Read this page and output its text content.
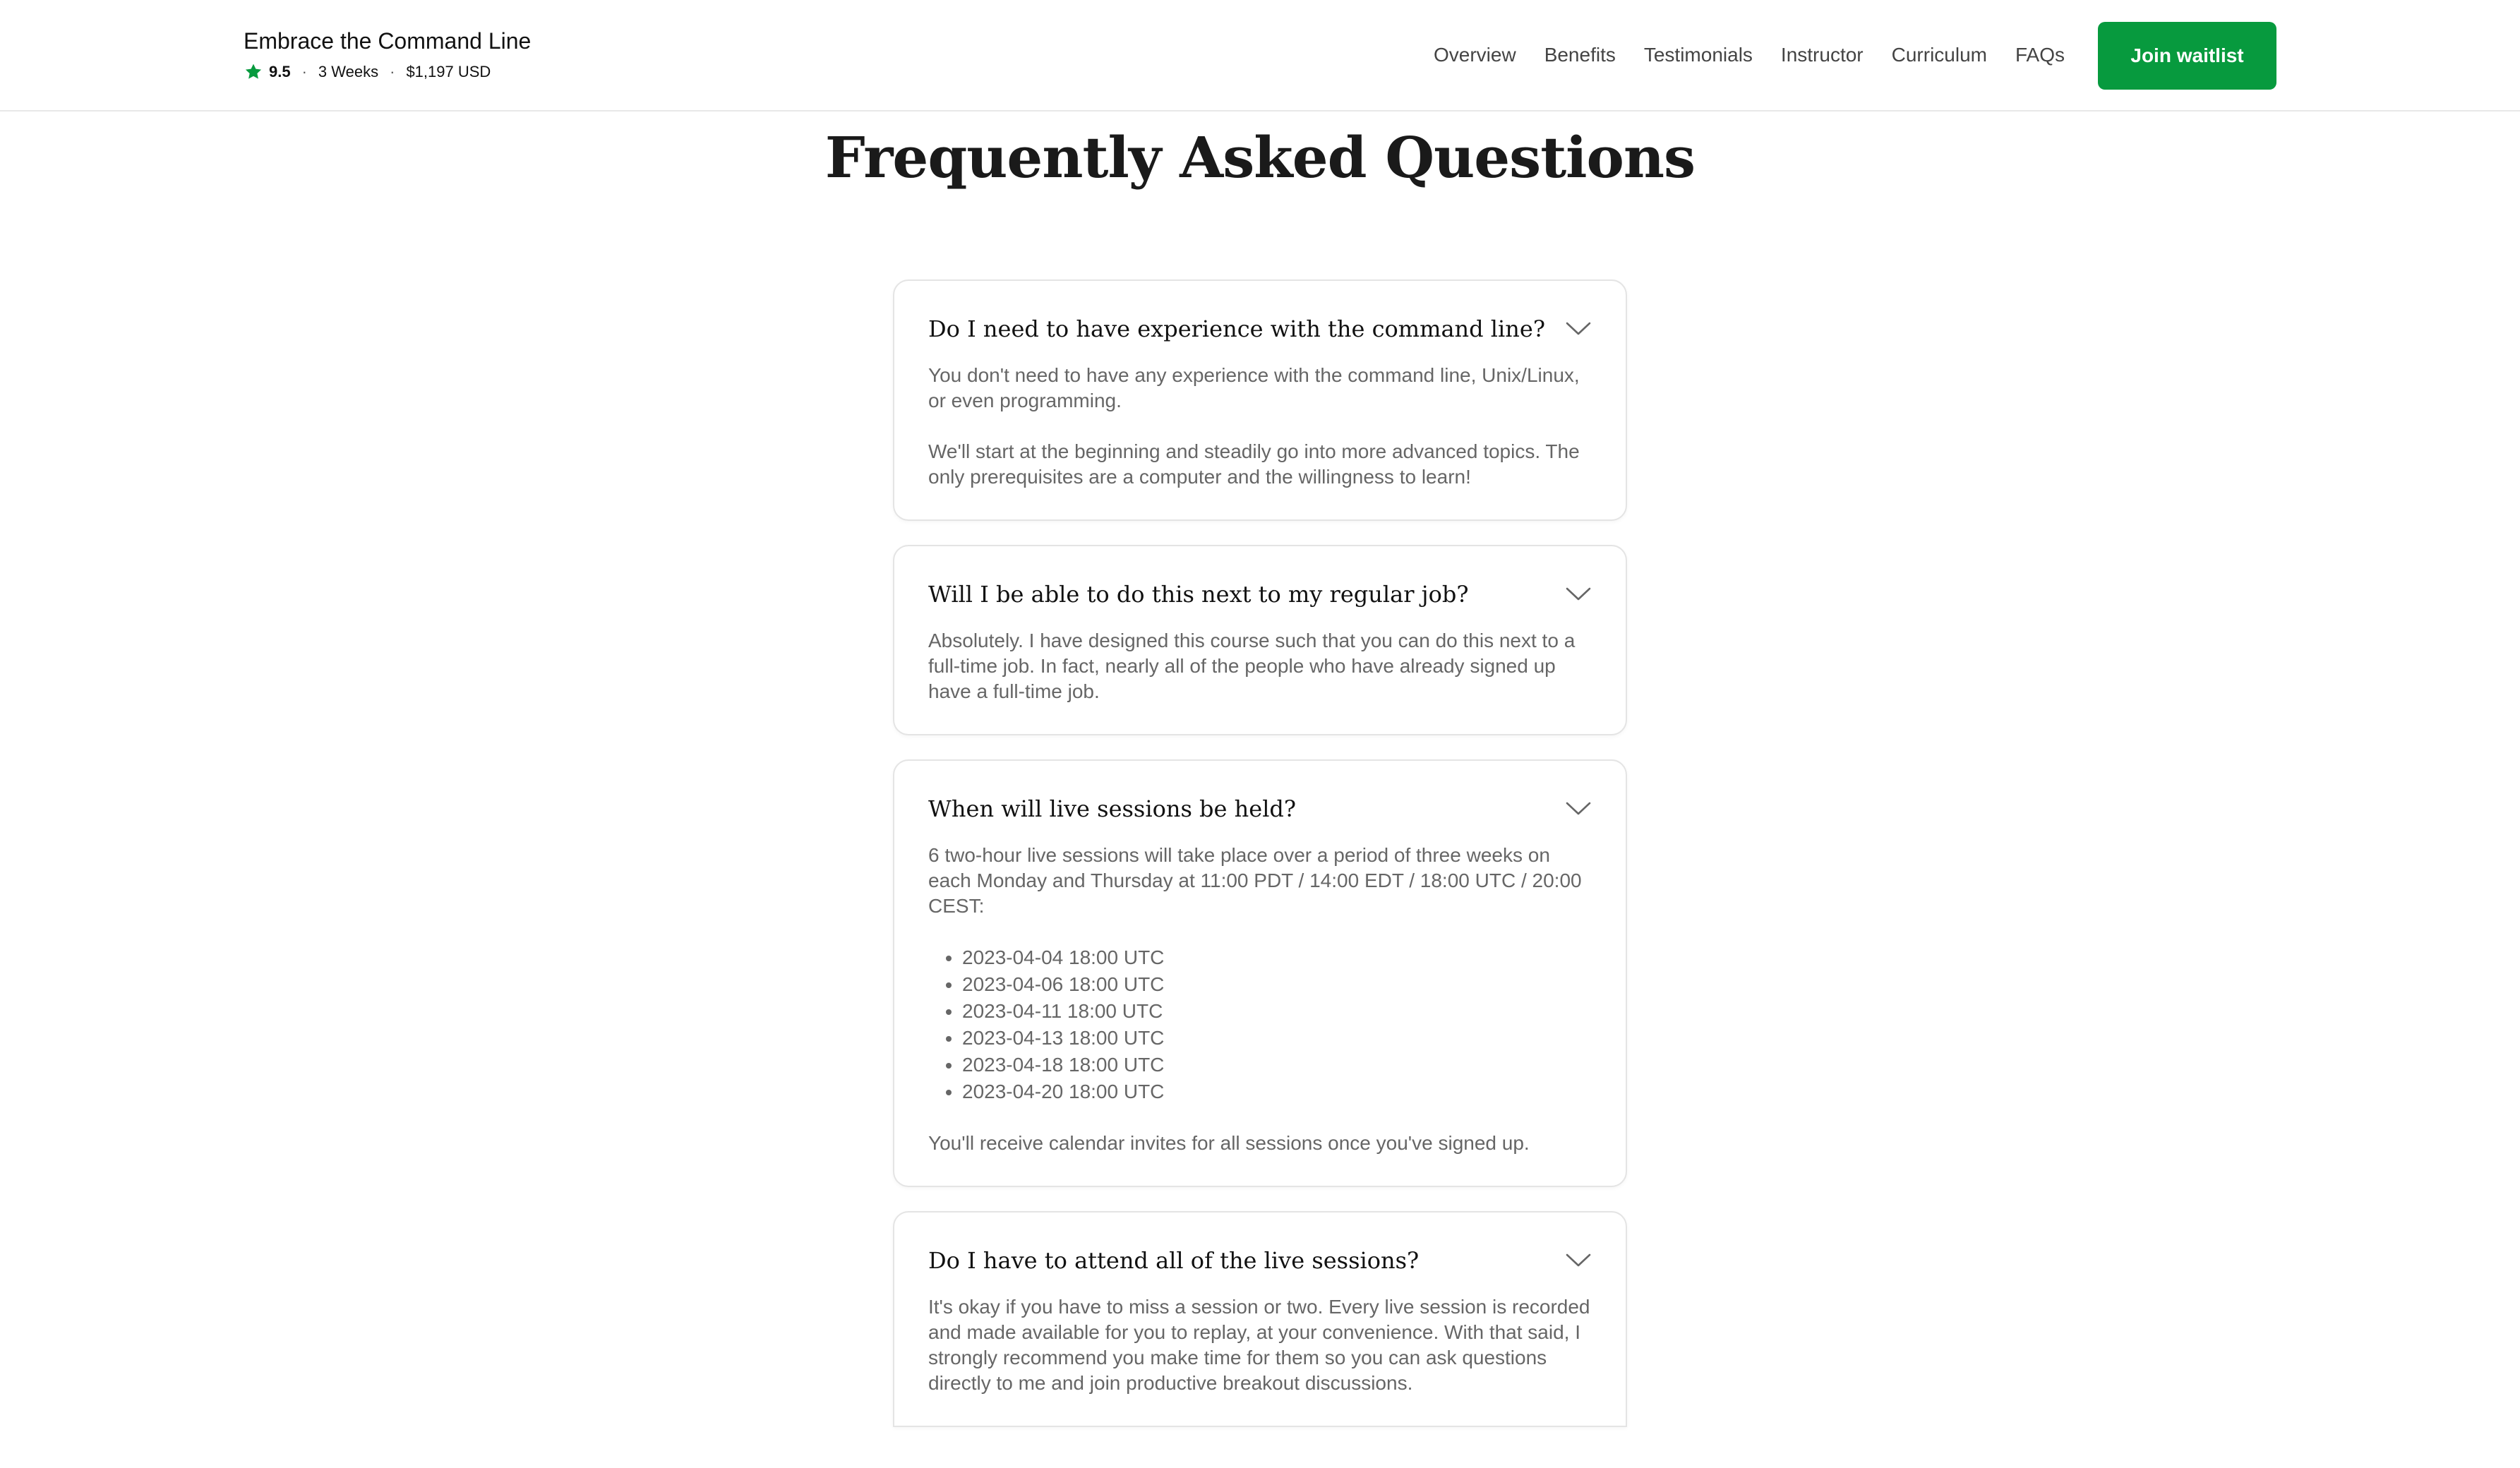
Embrace the Command Line
9.5 · 3 Weeks · $1,197 USD
Overview Benefits Testimonials Instructor Curriculum FAQs	Join waitlist
Frequently Asked Questions
Do I need to have experience with the command line?

You don't need to have any experience with the command line, Unix/Linux, or even programming.

We'll start at the beginning and steadily go into more advanced topics. The only prerequisites are a computer and the willingness to learn!

Will I be able to do this next to my regular job?

Absolutely. I have designed this course such that you can do this next to a full-time job. In fact, nearly all of the people who have already signed up have a full-time job.

When will live sessions be held?

6 two-hour live sessions will take place over a period of three weeks on each Monday and Thursday at 11:00 PDT / 14:00 EDT / 18:00 UTC / 20:00 CEST:

• 2023-04-04 18:00 UTC
• 2023-04-06 18:00 UTC
• 2023-04-11 18:00 UTC
• 2023-04-13 18:00 UTC
• 2023-04-18 18:00 UTC
• 2023-04-20 18:00 UTC

You'll receive calendar invites for all sessions once you've signed up.

Do I have to attend all of the live sessions?

It's okay if you have to miss a session or two. Every live session is recorded and made available for you to replay, at your convenience. With that said, I strongly recommend you make time for them so you can ask questions directly to me and join productive breakout discussions.
